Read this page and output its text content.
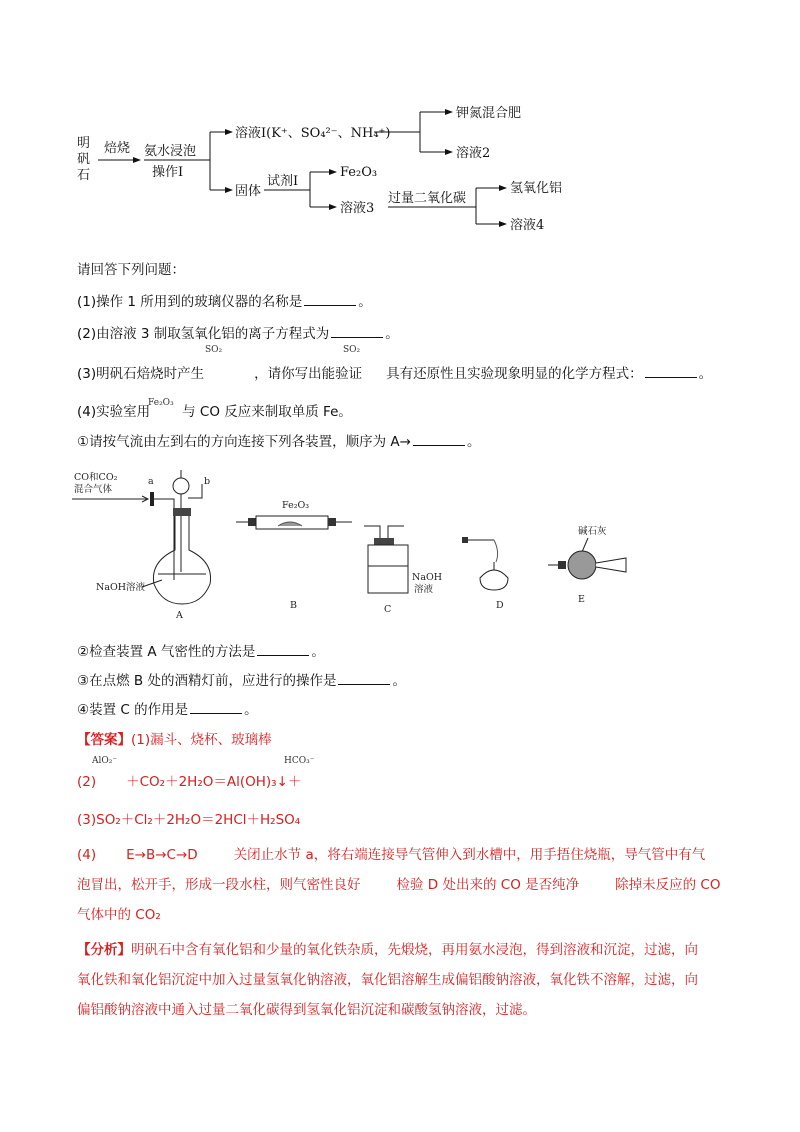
明
矾
石
焙烧 氨水浸泡
操作Ⅰ
溶液Ⅰ(K⁺、SO₄²⁻、NH₄⁺)
钾氮混合肥
溶液2
固体
试剂Ⅰ
Fe₂O₃
溶液3
过量二氧化碳
氢氧化铝
溶液4
请回答下列问题：
(1)操作 1 所用到的玻璃仪器的名称是	。
(2)由溶液 3 制取氢氧化铝的离子方程式为	。
(3)明矾石焙烧时产生	，请你写出能验证 具有还原性且实验现象明显的化学方程式：	。
SO₂	SO₂
(4)实验室用 与 CO 反应来制取单质 Fe。
Fe₂O₃
①请按气流由左到右的方向连接下列各装置，顺序为 A→	。
CO和CO₂
混合气体
a	b
NaOH溶液
A
Fe₂O₃
B
NaOH
溶液
C	D
碱石灰
E
②检查装置 A 气密性的方法是	。
③在点燃 B 处的酒精灯前，应进行的操作是	。
④装置 C 的作用是	。
【答案】(1)漏斗、烧杯、玻璃棒
(2) ＋CO₂＋2H₂O＝Al(OH)₃↓＋
AlO₂⁻	HCO₃⁻
(3)SO₂＋Cl₂＋2H₂O＝2HCl＋H₂SO₄
(4) E→B→C→D	关闭止水节 a，将右端连接导气管伸入到水槽中，用手捂住烧瓶，导气管中有气
泡冒出，松开手，形成一段水柱，则气密性良好	检验 D 处出来的 CO 是否纯净	除掉未反应的 CO
气体中的 CO₂
【分析】明矾石中含有氧化铝和少量的氧化铁杂质，先煅烧，再用氨水浸泡，得到溶液和沉淀，过滤，向
氧化铁和氧化铝沉淀中加入过量氢氧化钠溶液，氧化铝溶解生成偏铝酸钠溶液，氧化铁不溶解，过滤，向
偏铝酸钠溶液中通入过量二氧化碳得到氢氧化铝沉淀和碳酸氢钠溶液，过滤。
